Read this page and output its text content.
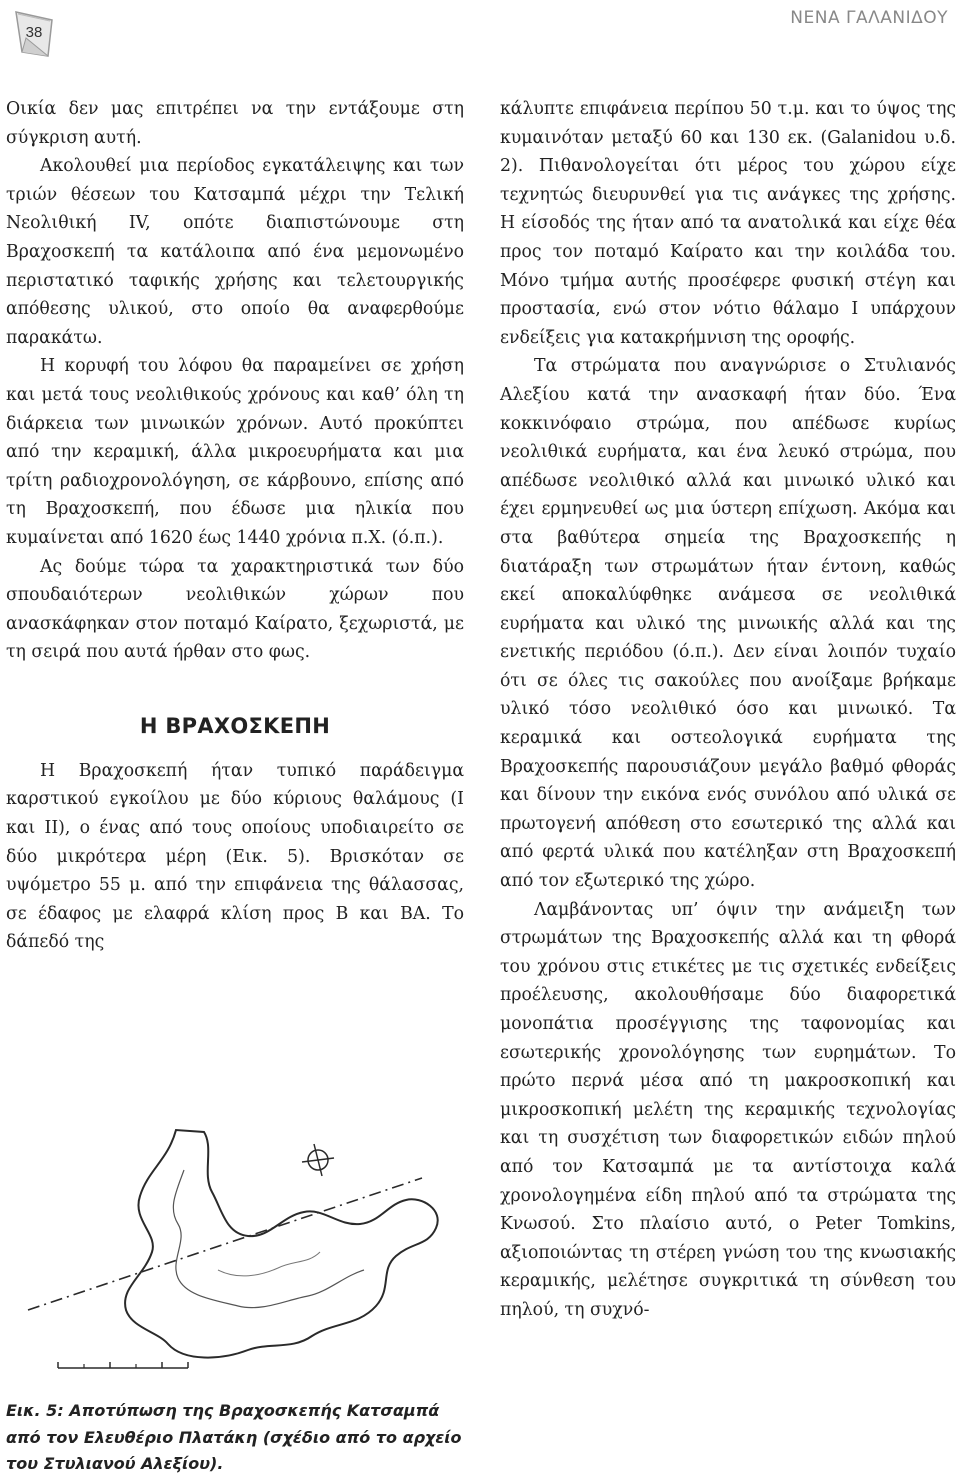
38
ΝΕΝΑ ΓΑΛΑΝΙΔΟΥ

Οικία δεν μας επιτρέπει να την εντάξουμε στη σύγκριση αυτή.

Ακολουθεί μια περίοδος εγκατάλειψης και των τριών θέσεων του Κατσαμπά μέχρι την Τελική Νεολιθική IV, οπότε διαπιστώνουμε στη Βραχοσκεπή τα κατάλοιπα από ένα μεμονωμένο περιστατικό ταφικής χρήσης και τελετουργικής απόθεσης υλικού, στο οποίο θα αναφερθούμε παρακάτω.

Η κορυφή του λόφου θα παραμείνει σε χρήση και μετά τους νεολιθικούς χρόνους και καθ’ όλη τη διάρκεια των μινωικών χρόνων. Αυτό προκύπτει από την κεραμική, άλλα μικροευρήματα και μια τρίτη ραδιοχρονολόγηση, σε κάρβουνο, επίσης από τη Βραχοσκεπή, που έδωσε μια ηλικία που κυμαίνεται από 1620 έως 1440 χρόνια π.Χ. (ό.π.).

Ας δούμε τώρα τα χαρακτηριστικά των δύο σπουδαιότερων νεολιθικών χώρων που ανασκάφηκαν στον ποταμό Καίρατο, ξεχωριστά, με τη σειρά που αυτά ήρθαν στο φως.

Η ΒΡΑΧΟΣΚΕΠΗ

Η Βραχοσκεπή ήταν τυπικό παράδειγμα καρστικού εγκοίλου με δύο κύριους θαλάμους (Ι και ΙΙ), ο ένας από τους οποίους υποδιαιρείτο σε δύο μικρότερα μέρη (Εικ. 5). Βρισκόταν σε υψόμετρο 55 μ. από την επιφάνεια της θάλασσας, σε έδαφος με ελαφρά κλίση προς Β και ΒΑ. Το δάπεδό της

Εικ. 5: Αποτύπωση της Βραχοσκεπής Κατσαμπά από τον Ελευθέριο Πλατάκη (σχέδιο από το αρχείο του Στυλιανού Αλεξίου).

κάλυπτε επιφάνεια περίπου 50 τ.μ. και το ύψος της κυμαινόταν μεταξύ 60 και 130 εκ. (Galanidou υ.δ. 2). Πιθανολογείται ότι μέρος του χώρου είχε τεχνητώς διευρυνθεί για τις ανάγκες της χρήσης. Η είσοδός της ήταν από τα ανατολικά και είχε θέα προς τον ποταμό Καίρατο και την κοιλάδα του. Μόνο τμήμα αυτής προσέφερε φυσική στέγη και προστασία, ενώ στον νότιο θάλαμο Ι υπάρχουν ενδείξεις για κατακρήμνιση της οροφής.

Τα στρώματα που αναγνώρισε ο Στυλιανός Αλεξίου κατά την ανασκαφή ήταν δύο. Ένα κοκκινόφαιο στρώμα, που απέδωσε κυρίως νεολιθικά ευρήματα, και ένα λευκό στρώμα, που απέδωσε νεολιθικό αλλά και μινωικό υλικό και έχει ερμηνευθεί ως μια ύστερη επίχωση. Ακόμα και στα βαθύτερα σημεία της Βραχοσκεπής η διατάραξη των στρωμάτων ήταν έντονη, καθώς εκεί αποκαλύφθηκε ανάμεσα σε νεολιθικά ευρήματα και υλικό της μινωικής αλλά και της ενετικής περιόδου (ό.π.). Δεν είναι λοιπόν τυχαίο ότι σε όλες τις σακούλες που ανοίξαμε βρήκαμε υλικό τόσο νεολιθικό όσο και μινωικό. Τα κεραμικά και οστεολογικά ευρήματα της Βραχοσκεπής παρουσιάζουν μεγάλο βαθμό φθοράς και δίνουν την εικόνα ενός συνόλου από υλικά σε πρωτογενή απόθεση στο εσωτερικό της αλλά και από φερτά υλικά που κατέληξαν στη Βραχοσκεπή από τον εξωτερικό της χώρο.

Λαμβάνοντας υπ’ όψιν την ανάμειξη των στρωμάτων της Βραχοσκεπής αλλά και τη φθορά του χρόνου στις ετικέτες με τις σχετικές ενδείξεις προέλευσης, ακολουθήσαμε δύο διαφορετικά μονοπάτια προσέγγισης της ταφονομίας και εσωτερικής χρονολόγησης των ευρημάτων. Το πρώτο περνά μέσα από τη μακροσκοπική και μικροσκοπική μελέτη της κεραμικής τεχνολογίας και τη συσχέτιση των διαφορετικών ειδών πηλού από τον Κατσαμπά με τα αντίστοιχα καλά χρονολογημένα είδη πηλού από τα στρώματα της Κνωσού. Στο πλαίσιο αυτό, ο Peter Tomkins, αξιοποιώντας τη στέρεη γνώση του της κνωσιακής κεραμικής, μελέτησε συγκριτικά τη σύνθεση του πηλού, τη συχνό-
